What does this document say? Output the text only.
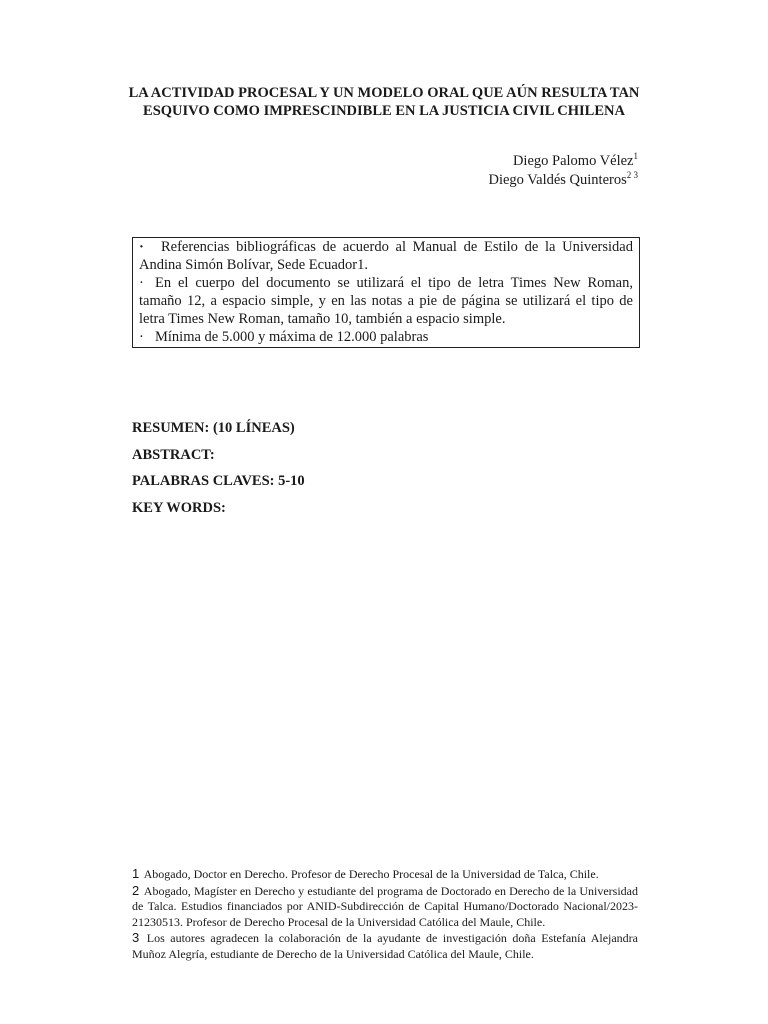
LA ACTIVIDAD PROCESAL Y UN MODELO ORAL QUE AÚN RESULTA TAN ESQUIVO COMO IMPRESCINDIBLE EN LA JUSTICIA CIVIL CHILENA
Diego Palomo Vélez$^1$
Diego Valdés Quinteros$^{2 3}$

· Referencias bibliográficas de acuerdo al Manual de Estilo de la Universidad Andina Simón Bolívar, Sede Ecuador1.

· En el cuerpo del documento se utilizará el tipo de letra Times New Roman, tamaño 12, a espacio simple, y en las notas a pie de página se utilizará el tipo de letra Times New Roman, tamaño 10, también a espacio simple.

· Mínima de 5.000 y máxima de 12.000 palabras

RESUMEN: (10 LÍNEAS)
ABSTRACT:
PALABRAS CLAVES: 5-10
KEY WORDS:

1 Abogado, Doctor en Derecho. Profesor de Derecho Procesal de la Universidad de Talca, Chile.

2 Abogado, Magíster en Derecho y estudiante del programa de Doctorado en Derecho de la Universidad de Talca. Estudios financiados por ANID-Subdirección de Capital Humano/Doctorado Nacional/2023-21230513. Profesor de Derecho Procesal de la Universidad Católica del Maule, Chile.

3 Los autores agradecen la colaboración de la ayudante de investigación doña Estefanía Alejandra Muñoz Alegría, estudiante de Derecho de la Universidad Católica del Maule, Chile.
